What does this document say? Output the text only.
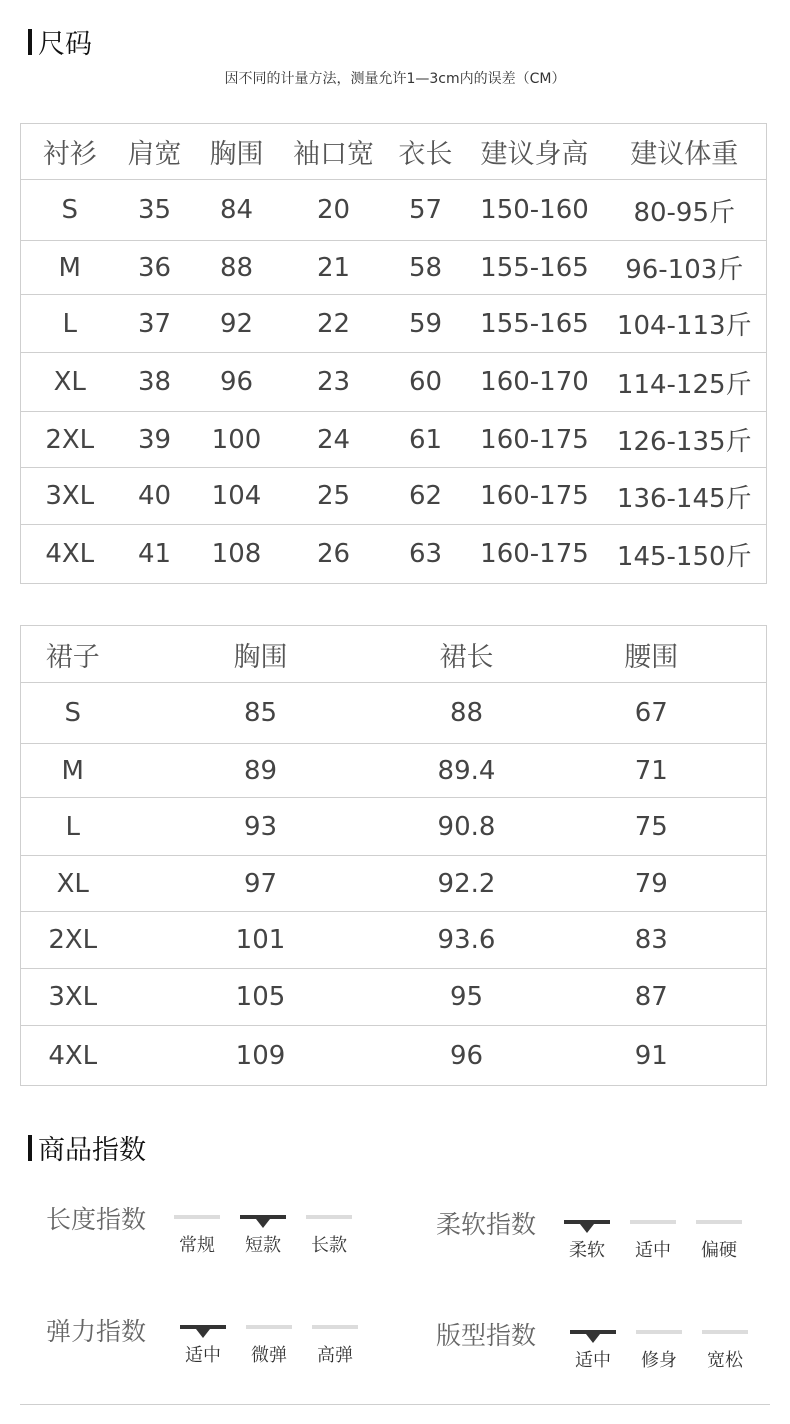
尺码
因不同的计量方法，测量允许1—3cm内的误差（CM）
衬衫	肩宽	胸围	袖口宽	衣长	建议身高	建议体重
S	35	84	20	57	150-160	80-95斤
M	36	88	21	58	155-165	96-103斤
L	37	92	22	59	155-165	104-113斤
XL	38	96	23	60	160-170	114-125斤
2XL	39	100	24	61	160-175	126-135斤
3XL	40	104	25	62	160-175	136-145斤
4XL	41	108	26	63	160-175	145-150斤
裙子	胸围	裙长	腰围
S	85	88	67
M	89	89.4	71
L	93	90.8	75
XL	97	92.2	79
2XL	101	93.6	83
3XL	105	95	87
4XL	109	96	91
商品指数
长度指数
常规 短款 长款
柔软指数
柔软 适中 偏硬
弹力指数
适中 微弹 高弹
版型指数
适中 修身 宽松
